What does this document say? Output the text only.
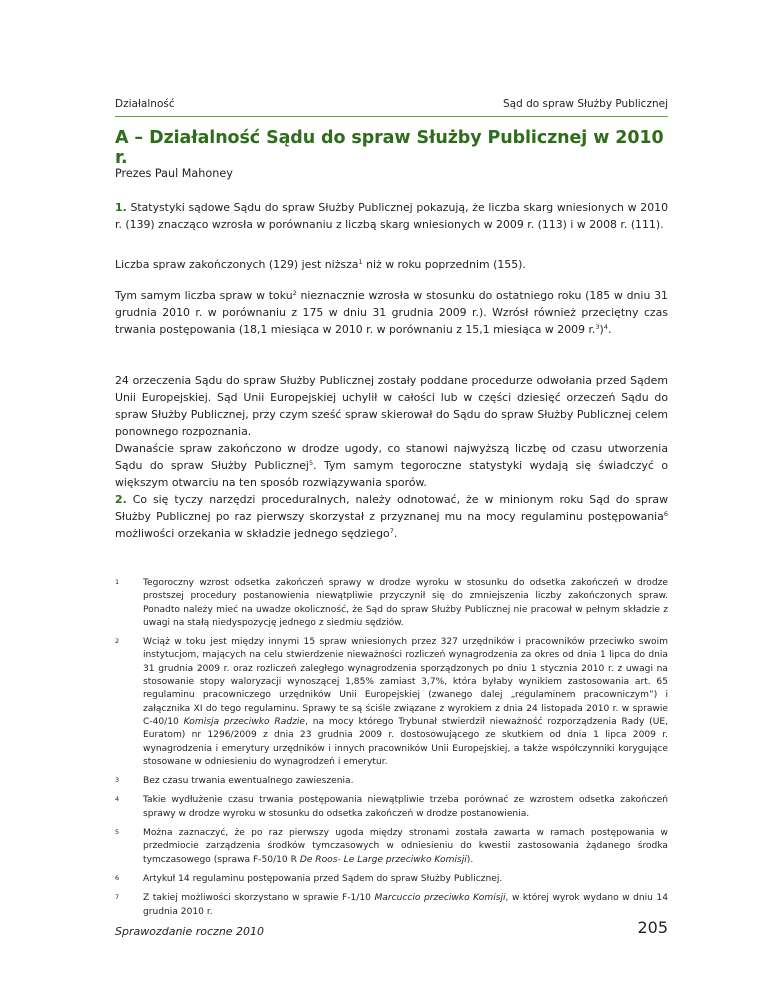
Działalność	Sąd do spraw Służby Publicznej
A – Działalność Sądu do spraw Służby Publicznej w 2010 r.
Prezes Paul Mahoney

1. Statystyki sądowe Sądu do spraw Służby Publicznej pokazują, że liczba skarg wniesionych w 2010 r. (139) znacząco wzrosła w porównaniu z liczbą skarg wniesionych w 2009 r. (113) i w 2008 r. (111).

Liczba spraw zakończonych (129) jest niższa$^1$ niż w roku poprzednim (155).

Tym samym liczba spraw w toku$^2$ nieznacznie wzrosła w stosunku do ostatniego roku (185 w dniu 31 grudnia 2010 r. w porównaniu z 175 w dniu 31 grudnia 2009 r.). Wzrósł również przeciętny czas trwania postępowania (18,1 miesiąca w 2010 r. w porównaniu z 15,1 miesiąca w 2009 r.$^3$)$^4$.

24 orzeczenia Sądu do spraw Służby Publicznej zostały poddane procedurze odwołania przed Sądem Unii Europejskiej. Sąd Unii Europejskiej uchylił w całości lub w części dziesięć orzeczeń Sądu do spraw Służby Publicznej, przy czym sześć spraw skierował do Sądu do spraw Służby Publicznej celem ponownego rozpoznania.

Dwanaście spraw zakończono w drodze ugody, co stanowi najwyższą liczbę od czasu utworzenia Sądu do spraw Służby Publicznej$^5$. Tym samym tegoroczne statystyki wydają się świadczyć o większym otwarciu na ten sposób rozwiązywania sporów.

2. Co się tyczy narzędzi proceduralnych, należy odnotować, że w minionym roku Sąd do spraw Służby Publicznej po raz pierwszy skorzystał z przyznanej mu na mocy regulaminu postępowania$^6$ możliwości orzekania w składzie jednego sędziego$^7$.

1	Tegoroczny wzrost odsetka zakończeń sprawy w drodze wyroku w stosunku do odsetka zakończeń w drodze prostszej procedury postanowienia niewątpliwie przyczynił się do zmniejszenia liczby zakończonych spraw. Ponadto należy mieć na uwadze okoliczność, że Sąd do spraw Służby Publicznej nie pracował w pełnym składzie z uwagi na stałą niedyspozycję jednego z siedmiu sędziów.
2	Wciąż w toku jest między innymi 15 spraw wniesionych przez 327 urzędników i pracowników przeciwko swoim instytucjom, mających na celu stwierdzenie nieważności rozliczeń wynagrodzenia za okres od dnia 1 lipca do dnia 31 grudnia 2009 r. oraz rozliczeń zaległego wynagrodzenia sporządzonych po dniu 1 stycznia 2010 r. z uwagi na stosowanie stopy waloryzacji wynoszącej 1,85% zamiast 3,7%, która byłaby wynikiem zastosowania art. 65 regulaminu pracowniczego urzędników Unii Europejskiej (zwanego dalej „regulaminem pracowniczym”) i załącznika XI do tego regulaminu. Sprawy te są ściśle związane z wyrokiem z dnia 24 listopada 2010 r. w sprawie C-40/10 Komisja przeciwko Radzie, na mocy którego Trybunał stwierdził nieważność rozporządzenia Rady (UE, Euratom) nr 1296/2009 z dnia 23 grudnia 2009 r. dostosowującego ze skutkiem od dnia 1 lipca 2009 r. wynagrodzenia i emerytury urzędników i innych pracowników Unii Europejskiej, a także współczynniki korygujące stosowane w odniesieniu do wynagrodzeń i emerytur.
3	Bez czasu trwania ewentualnego zawieszenia.
4	Takie wydłużenie czasu trwania postępowania niewątpliwie trzeba porównać ze wzrostem odsetka zakończeń sprawy w drodze wyroku w stosunku do odsetka zakończeń w drodze postanowienia.
5	Można zaznaczyć, że po raz pierwszy ugoda między stronami została zawarta w ramach postępowania w przedmiocie zarządzenia środków tymczasowych w odniesieniu do kwestii zastosowania żądanego środka tymczasowego (sprawa F-50/10 R De Roos- Le Large przeciwko Komisji).
6	Artykuł 14 regulaminu postępowania przed Sądem do spraw Służby Publicznej.
7	Z takiej możliwości skorzystano w sprawie F-1/10 Marcuccio przeciwko Komisji, w której wyrok wydano w dniu 14 grudnia 2010 r.
Sprawozdanie roczne 2010	205
